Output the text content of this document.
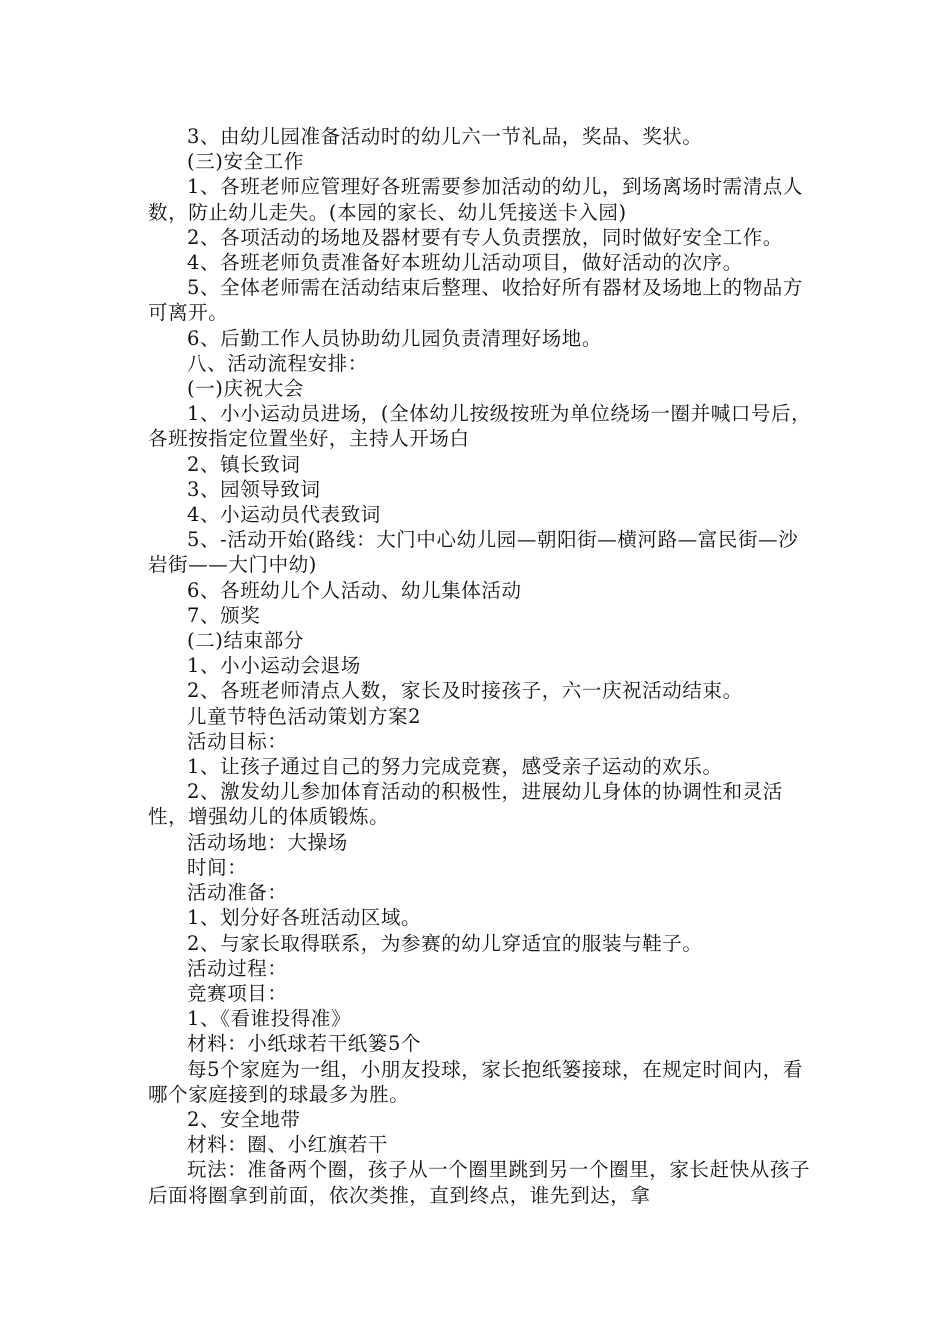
3、由幼儿园准备活动时的幼儿六一节礼品，奖品、奖状。

(三)安全工作

1、各班老师应管理好各班需要参加活动的幼儿，到场离场时需清点人数，防止幼儿走失。(本园的家长、幼儿凭接送卡入园)

2、各项活动的场地及器材要有专人负责摆放，同时做好安全工作。

4、各班老师负责准备好本班幼儿活动项目，做好活动的次序。

5、全体老师需在活动结束后整理、收拾好所有器材及场地上的物品方可离开。

6、后勤工作人员协助幼儿园负责清理好场地。

八、活动流程安排：

(一)庆祝大会

1、小小运动员进场，(全体幼儿按级按班为单位绕场一圈并喊口号后，各班按指定位置坐好，主持人开场白

2、镇长致词

3、园领导致词

4、小运动员代表致词

5、-活动开始(路线：大门中心幼儿园—朝阳街—横河路—富民街—沙岩街——大门中幼)

6、各班幼儿个人活动、幼儿集体活动

7、颁奖

(二)结束部分

1、小小运动会退场

2、各班老师清点人数，家长及时接孩子，六一庆祝活动结束。

儿童节特色活动策划方案2

活动目标：

1、让孩子通过自己的努力完成竞赛，感受亲子运动的欢乐。

2、激发幼儿参加体育活动的积极性，进展幼儿身体的协调性和灵活性，增强幼儿的体质锻炼。

活动场地：大操场

时间：

活动准备：

1、划分好各班活动区域。

2、与家长取得联系，为参赛的幼儿穿适宜的服装与鞋子。

活动过程：

竞赛项目：

1、《看谁投得准》

材料：小纸球若干纸篓5个

每5个家庭为一组，小朋友投球，家长抱纸篓接球，在规定时间内，看哪个家庭接到的球最多为胜。

2、安全地带

材料：圈、小红旗若干

玩法：准备两个圈，孩子从一个圈里跳到另一个圈里，家长赶快从孩子后面将圈拿到前面，依次类推，直到终点，谁先到达，拿
